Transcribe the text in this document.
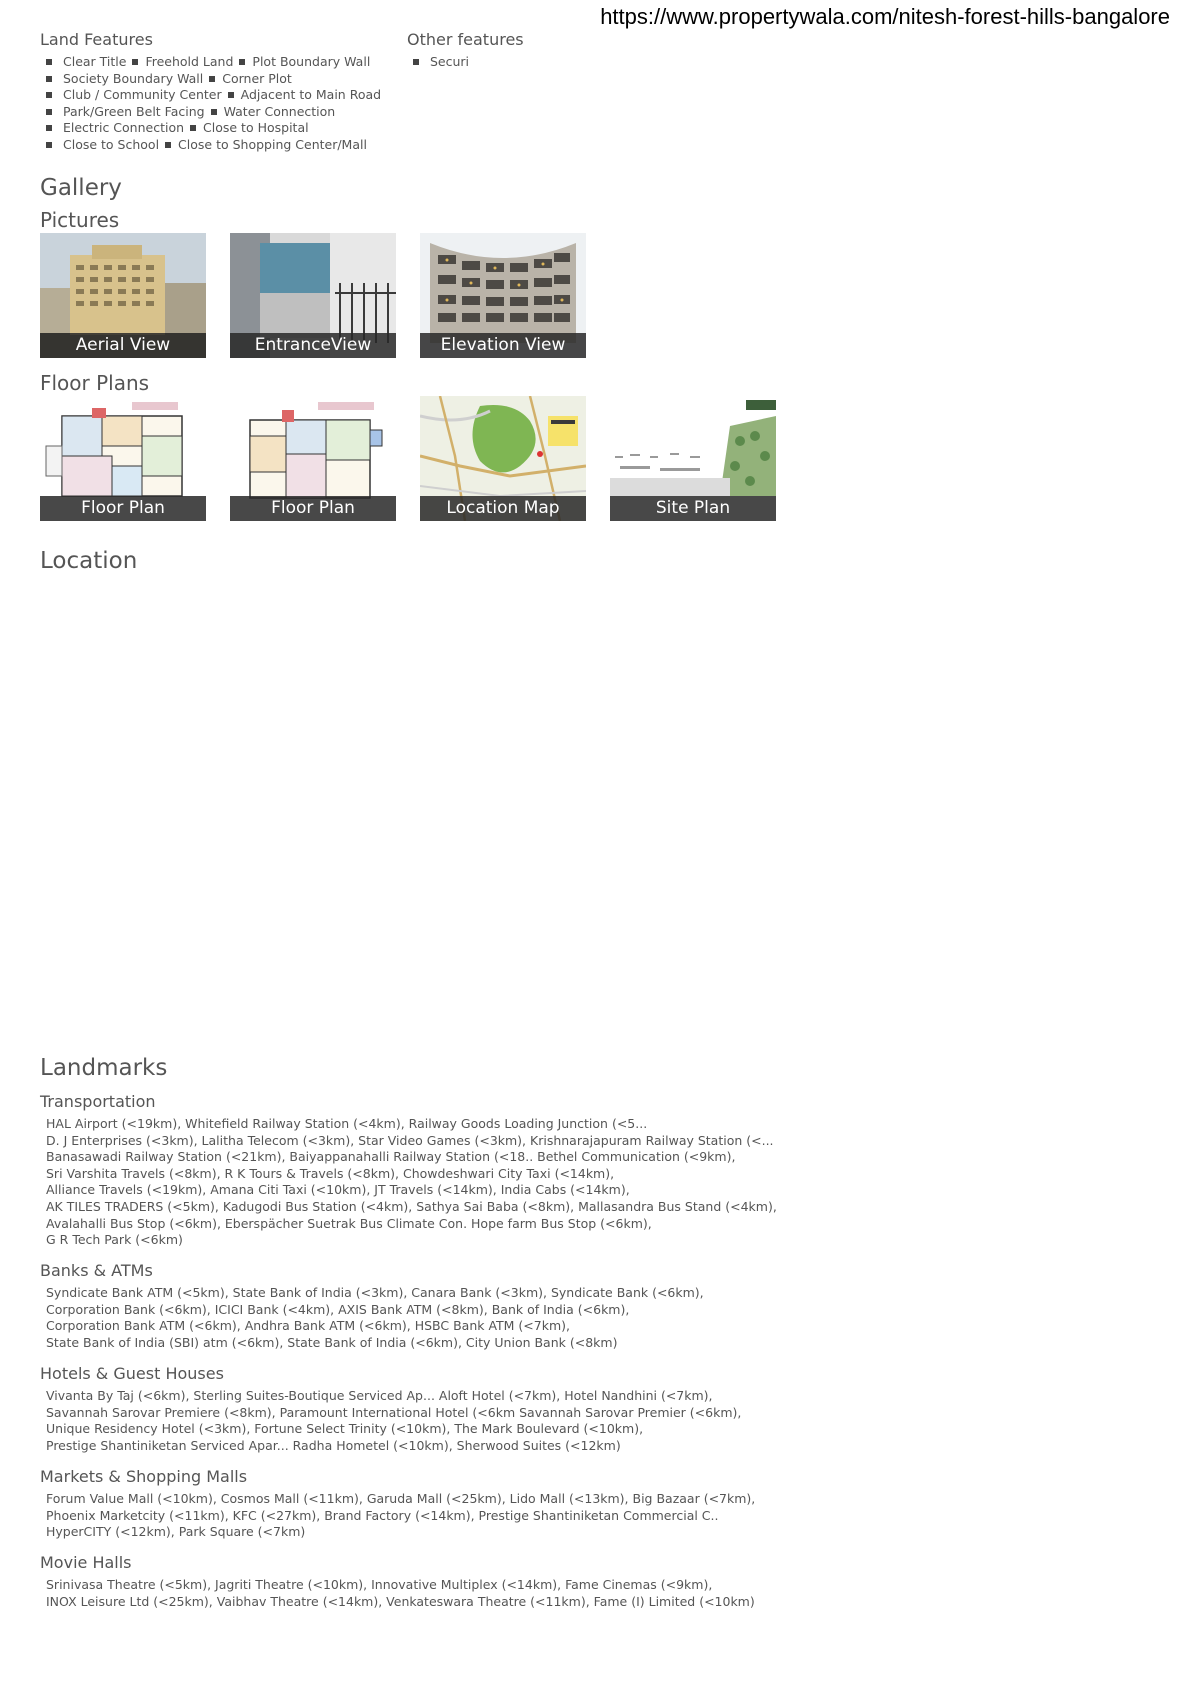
https://www.propertywala.com/nitesh-forest-hills-bangalore
Land Features
Clear Title Freehold Land Plot Boundary Wall
Society Boundary Wall Corner Plot
Club / Community Center Adjacent to Main Road
Park/Green Belt Facing Water Connection
Electric Connection Close to Hospital
Close to School Close to Shopping Center/Mall
Other features
Securi
Gallery
Pictures
Aerial View	EntranceView	Elevation View
Floor Plans
Floor Plan	Floor Plan	Location Map	Site Plan
Location
Landmarks
Transportation
HAL Airport (<19km), Whitefield Railway Station (<4km), Railway Goods Loading Junction (<5...
D. J Enterprises (<3km), Lalitha Telecom (<3km), Star Video Games (<3km), Krishnarajapuram Railway Station (<...
Banasawadi Railway Station (<21km), Baiyappanahalli Railway Station (<18.. Bethel Communication (<9km),
Sri Varshita Travels (<8km), R K Tours & Travels (<8km), Chowdeshwari City Taxi (<14km),
Alliance Travels (<19km), Amana Citi Taxi (<10km), JT Travels (<14km), India Cabs (<14km),
AK TILES TRADERS (<5km), Kadugodi Bus Station (<4km), Sathya Sai Baba (<8km), Mallasandra Bus Stand (<4km),
Avalahalli Bus Stop (<6km), Eberspächer Suetrak Bus Climate Con. Hope farm Bus Stop (<6km),
G R Tech Park (<6km)
Banks & ATMs
Syndicate Bank ATM (<5km), State Bank of India (<3km), Canara Bank (<3km), Syndicate Bank (<6km),
Corporation Bank (<6km), ICICI Bank (<4km), AXIS Bank ATM (<8km), Bank of India (<6km),
Corporation Bank ATM (<6km), Andhra Bank ATM (<6km), HSBC Bank ATM (<7km),
State Bank of India (SBI) atm (<6km), State Bank of India (<6km), City Union Bank (<8km)
Hotels & Guest Houses
Vivanta By Taj (<6km), Sterling Suites-Boutique Serviced Ap... Aloft Hotel (<7km), Hotel Nandhini (<7km),
Savannah Sarovar Premiere (<8km), Paramount International Hotel (<6km Savannah Sarovar Premier (<6km),
Unique Residency Hotel (<3km), Fortune Select Trinity (<10km), The Mark Boulevard (<10km),
Prestige Shantiniketan Serviced Apar... Radha Hometel (<10km), Sherwood Suites (<12km)
Markets & Shopping Malls
Forum Value Mall (<10km), Cosmos Mall (<11km), Garuda Mall (<25km), Lido Mall (<13km), Big Bazaar (<7km),
Phoenix Marketcity (<11km), KFC (<27km), Brand Factory (<14km), Prestige Shantiniketan Commercial C..
HyperCITY (<12km), Park Square (<7km)
Movie Halls
Srinivasa Theatre (<5km), Jagriti Theatre (<10km), Innovative Multiplex (<14km), Fame Cinemas (<9km),
INOX Leisure Ltd (<25km), Vaibhav Theatre (<14km), Venkateswara Theatre (<11km), Fame (I) Limited (<10km)
